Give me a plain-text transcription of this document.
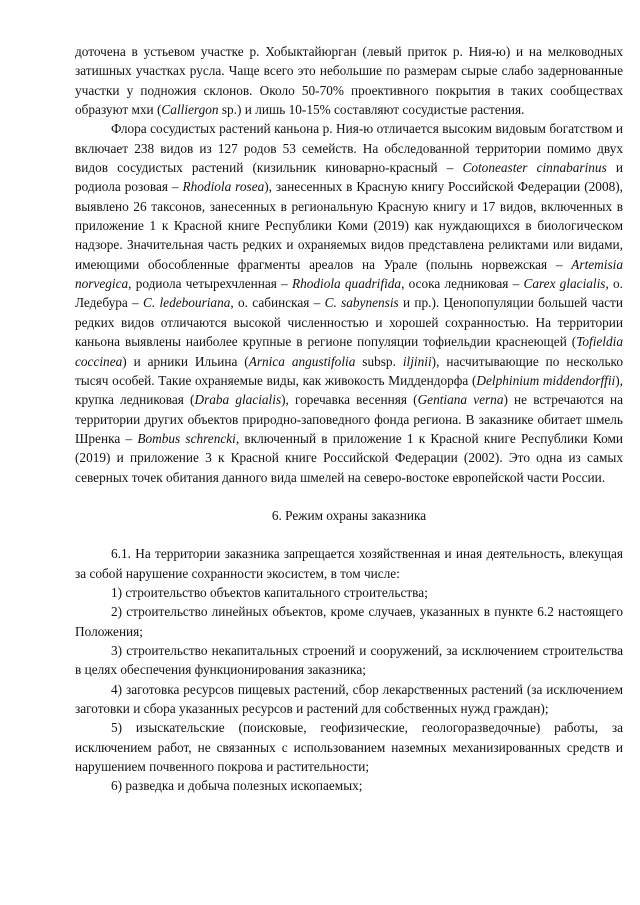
доточена в устьевом участке р. Хобыктайюрган (левый приток р. Ния-ю) и на мелководных затишных участках русла. Чаще всего это небольшие по размерам сырые слабо задернованные участки у подножия склонов. Около 50-70% проективного покрытия в таких сообществах образуют мхи (Calliergon sp.) и лишь 10-15% составляют сосудистые растения.

Флора сосудистых растений каньона р. Ния-ю отличается высоким видовым богатством и включает 238 видов из 127 родов 53 семейств. На обследованной территории помимо двух видов сосудистых растений (кизильник киноварно-красный – Cotoneaster cinnabarinus и родиола розовая – Rhodiola rosea), занесенных в Красную книгу Российской Федерации (2008), выявлено 26 таксонов, занесенных в региональную Красную книгу и 17 видов, включенных в приложение 1 к Красной книге Республики Коми (2019) как нуждающихся в биологическом надзоре. Значительная часть редких и охраняемых видов представлена реликтами или видами, имеющими обособленные фрагменты ареалов на Урале (полынь норвежская – Artemisia norvegica, родиола четырехчленная – Rhodiola quadrifida, осока ледниковая – Carex glacialis, о. Ледебура – C. ledebouriana, о. сабинская – C. sabynensis и пр.). Ценопопуляции большей части редких видов отличаются высокой численностью и хорошей сохранностью. На территории каньона выявлены наиболее крупные в регионе популяции тофиельдии краснеющей (Tofieldia coccinea) и арники Ильина (Arnica angustifolia subsp. iljinii), насчитывающие по несколько тысяч особей. Такие охраняемые виды, как живокость Миддендорфа (Delphinium middendorffii), крупка ледниковая (Draba glacialis), горечавка весенняя (Gentiana verna) не встречаются на территории других объектов природно-заповедного фонда региона. В заказнике обитает шмель Шренка – Bombus schrencki, включенный в приложение 1 к Красной книге Республики Коми (2019) и приложение 3 к Красной книге Российской Федерации (2002). Это одна из самых северных точек обитания данного вида шмелей на северо-востоке европейской части России.

6. Режим охраны заказника

6.1. На территории заказника запрещается хозяйственная и иная деятельность, влекущая за собой нарушение сохранности экосистем, в том числе:

1) строительство объектов капитального строительства;

2) строительство линейных объектов, кроме случаев, указанных в пункте 6.2 настоящего Положения;

3) строительство некапитальных строений и сооружений, за исключением строительства в целях обеспечения функционирования заказника;

4) заготовка ресурсов пищевых растений, сбор лекарственных растений (за исключением заготовки и сбора указанных ресурсов и растений для собственных нужд граждан);

5) изыскательские (поисковые, геофизические, геологоразведочные) работы, за исключением работ, не связанных с использованием наземных механизированных средств и нарушением почвенного покрова и растительности;

6) разведка и добыча полезных ископаемых;
